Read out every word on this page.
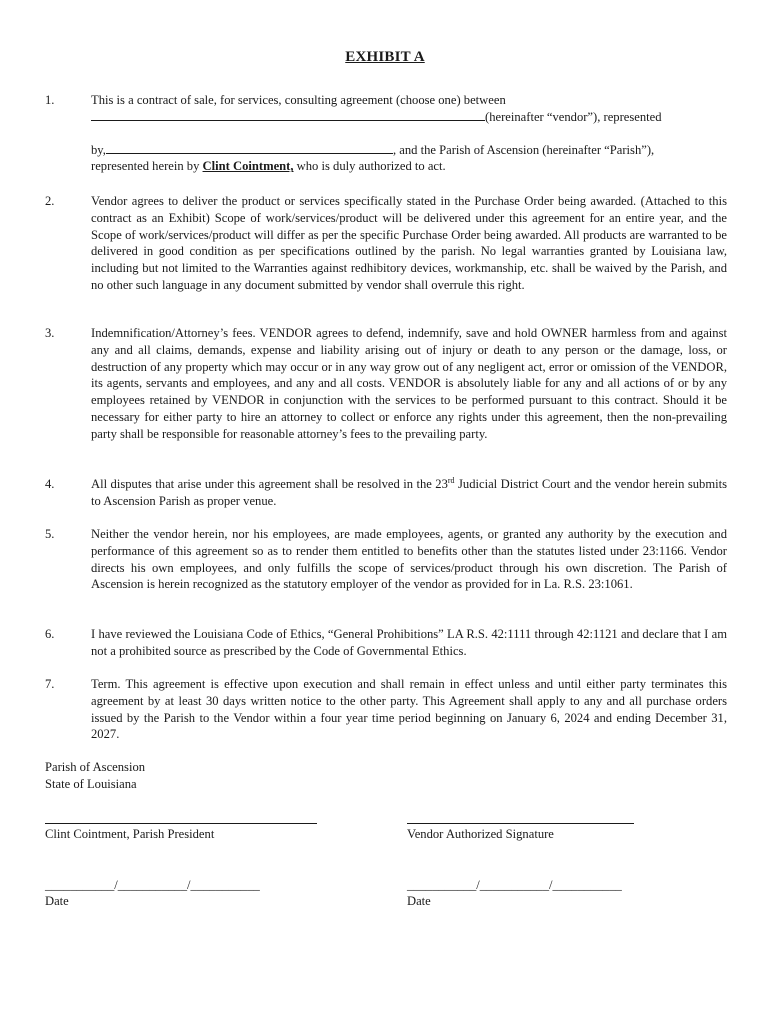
EXHIBIT A
1.	This is a contract of sale, for services, consulting agreement (choose one) between

(hereinafter “vendor”), represented

by,	, and the Parish of Ascension (hereinafter “Parish”),

represented herein by Clint Cointment, who is duly authorized to act.

2.	Vendor agrees to deliver the product or services specifically stated in the Purchase Order being awarded. (Attached to this contract as an Exhibit) Scope of work/services/product will be delivered under this agreement for an entire year, and the Scope of work/services/product will differ as per the specific Purchase Order being awarded. All products are warranted to be delivered in good condition as per specifications outlined by the parish. No legal warranties granted by Louisiana law, including but not limited to the Warranties against redhibitory devices, workmanship, etc. shall be waived by the Parish, and no other such language in any document submitted by vendor shall overrule this right.
3.	Indemnification/Attorney’s fees. VENDOR agrees to defend, indemnify, save and hold OWNER harmless from and against any and all claims, demands, expense and liability arising out of injury or death to any person or the damage, loss, or destruction of any property which may occur or in any way grow out of any negligent act, error or omission of the VENDOR, its agents, servants and employees, and any and all costs. VENDOR is absolutely liable for any and all actions of or by any employees retained by VENDOR in conjunction with the services to be performed pursuant to this contract. Should it be necessary for either party to hire an attorney to collect or enforce any rights under this agreement, then the non-prevailing party shall be responsible for reasonable attorney’s fees to the prevailing party.
4.	All disputes that arise under this agreement shall be resolved in the 23rd Judicial District Court and the vendor herein submits to Ascension Parish as proper venue.
5.	Neither the vendor herein, nor his employees, are made employees, agents, or granted any authority by the execution and performance of this agreement so as to render them entitled to benefits other than the statutes listed under 23:1166. Vendor directs his own employees, and only fulfills the scope of services/product through his own discretion. The Parish of Ascension is herein recognized as the statutory employer of the vendor as provided for in La. R.S. 23:1061.
6.	I have reviewed the Louisiana Code of Ethics, “General Prohibitions” LA R.S. 42:1111 through 42:1121 and declare that I am not a prohibited source as prescribed by the Code of Governmental Ethics.
7.	Term. This agreement is effective upon execution and shall remain in effect unless and until either party terminates this agreement by at least 30 days written notice to the other party. This Agreement shall apply to any and all purchase orders issued by the Parish to the Vendor within a four year time period beginning on January 6, 2024 and ending December 31, 2027.
Parish of Ascension
State of Louisiana
Clint Cointment, Parish President	Vendor Authorized Signature
___________/___________/___________
Date
___________/___________/___________
Date
